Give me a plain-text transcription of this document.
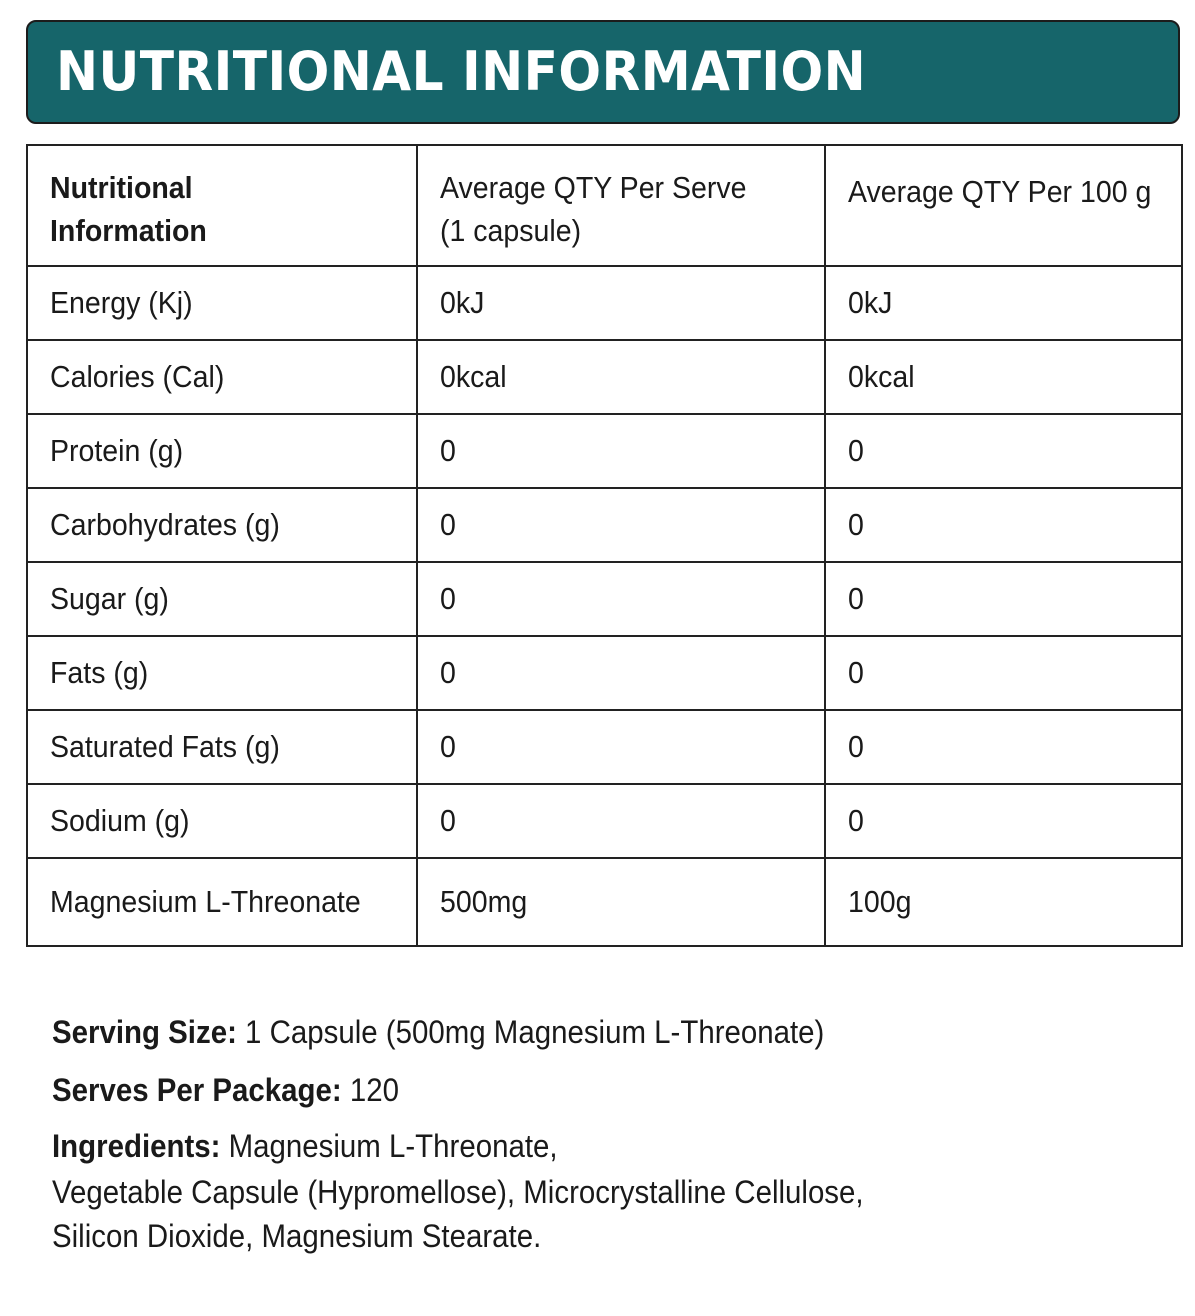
NUTRITIONAL INFORMATION
Nutritional Information	Average QTY Per Serve (1 capsule)	Average QTY Per 100 g
Energy (Kj)	0kJ	0kJ
Calories (Cal)	0kcal	0kcal
Protein (g)	0	0
Carbohydrates (g)	0	0
Sugar (g)	0	0
Fats (g)	0	0
Saturated Fats (g)	0	0
Sodium (g)	0	0
Magnesium L-Threonate	500mg	100g

Serving Size: 1 Capsule (500mg Magnesium L-Threonate)

Serves Per Package: 120

Ingredients: Magnesium L-Threonate,

Vegetable Capsule (Hypromellose), Microcrystalline Cellulose,

Silicon Dioxide, Magnesium Stearate.
